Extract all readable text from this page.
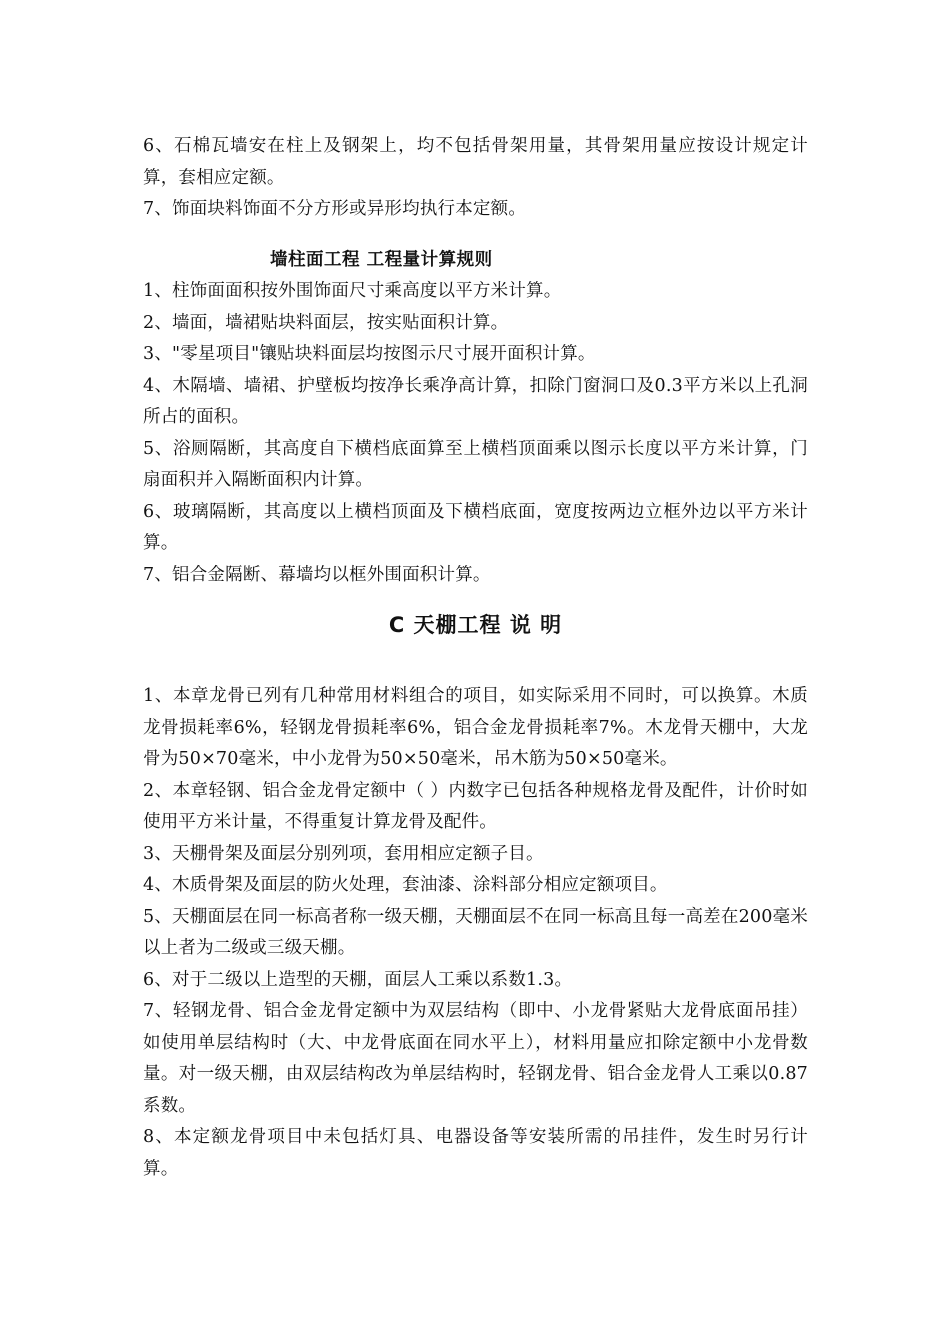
6、石棉瓦墙安在柱上及钢架上，均不包括骨架用量，其骨架用量应按设计规定计算，套相应定额。

7、饰面块料饰面不分方形或异形均执行本定额。

墙柱面工程 工程量计算规则

1、柱饰面面积按外围饰面尺寸乘高度以平方米计算。

2、墙面，墙裙贴块料面层，按实贴面积计算。

3、"零星项目"镶贴块料面层均按图示尺寸展开面积计算。

4、木隔墙、墙裙、护壁板均按净长乘净高计算，扣除门窗洞口及0.3平方米以上孔洞所占的面积。

5、浴厕隔断，其高度自下横档底面算至上横档顶面乘以图示长度以平方米计算，门扇面积并入隔断面积内计算。

6、玻璃隔断，其高度以上横档顶面及下横档底面，宽度按两边立框外边以平方米计算。

7、铝合金隔断、幕墙均以框外围面积计算。

C 天棚工程 说 明

1、本章龙骨已列有几种常用材料组合的项目，如实际采用不同时，可以换算。木质龙骨损耗率6%，轻钢龙骨损耗率6%，铝合金龙骨损耗率7%。木龙骨天棚中，大龙骨为50×70毫米，中小龙骨为50×50毫米，吊木筋为50×50毫米。

2、本章轻钢、铝合金龙骨定额中（ ）内数字已包括各种规格龙骨及配件，计价时如使用平方米计量，不得重复计算龙骨及配件。

3、天棚骨架及面层分别列项，套用相应定额子目。

4、木质骨架及面层的防火处理，套油漆、涂料部分相应定额项目。

5、天棚面层在同一标高者称一级天棚，天棚面层不在同一标高且每一高差在200毫米以上者为二级或三级天棚。

6、对于二级以上造型的天棚，面层人工乘以系数1.3。

7、轻钢龙骨、铝合金龙骨定额中为双层结构（即中、小龙骨紧贴大龙骨底面吊挂）如使用单层结构时（大、中龙骨底面在同水平上），材料用量应扣除定额中小龙骨数量。对一级天棚，由双层结构改为单层结构时，轻钢龙骨、铝合金龙骨人工乘以0.87系数。

8、本定额龙骨项目中未包括灯具、电器设备等安装所需的吊挂件，发生时另行计算。
